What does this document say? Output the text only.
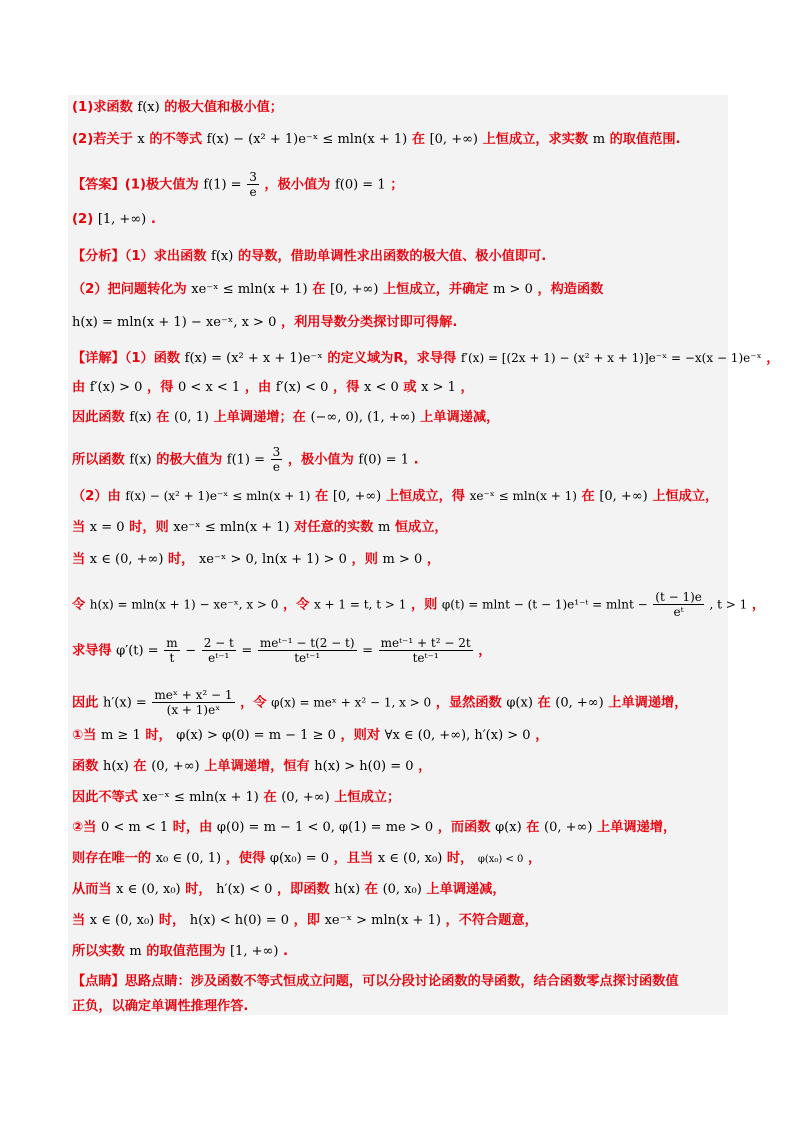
(1)求函数 f(x) 的极大值和极小值；
(2)若关于 x 的不等式 f(x) − (x² + 1)e⁻ˣ ≤ mln(x + 1) 在 [0, +∞) 上恒成立，求实数 m 的取值范围.
【答案】(1)极大值为 $f(1) = \frac{3}{e}$ ，极小值为 f(0) = 1 ；
(2) [1, +∞) .
【分析】（1）求出函数 f(x) 的导数，借助单调性求出函数的极大值、极小值即可.
（2）把问题转化为 xe⁻ˣ ≤ mln(x + 1) 在 [0, +∞) 上恒成立，并确定 m > 0 ，构造函数
h(x) = mln(x + 1) − xe⁻ˣ, x > 0 ，利用导数分类探讨即可得解.
【详解】（1）函数 f(x) = (x² + x + 1)e⁻ˣ 的定义域为R，求导得 f′(x) = [(2x + 1) − (x² + x + 1)]e⁻ˣ = −x(x − 1)e⁻ˣ ，
由 f′(x) > 0 ，得 0 < x < 1 ，由 f′(x) < 0 ，得 x < 0 或 x > 1 ，
因此函数 f(x) 在 (0, 1) 上单调递增；在 (−∞, 0), (1, +∞) 上单调递减，
所以函数 f(x) 的极大值为 $f(1) = \frac{3}{e}$ ，极小值为 f(0) = 1 .
（2）由 f(x) − (x² + 1)e⁻ˣ ≤ mln(x + 1) 在 [0, +∞) 上恒成立，得 xe⁻ˣ ≤ mln(x + 1) 在 [0, +∞) 上恒成立，
当 x = 0 时，则 xe⁻ˣ ≤ mln(x + 1) 对任意的实数 m 恒成立，
当 x ∈ (0, +∞) 时， xe⁻ˣ > 0, ln(x + 1) > 0 ，则 m > 0 ，
令 h(x) = mln(x + 1) − xe⁻ˣ, x > 0 ，令 x + 1 = t, t > 1 ，则 φ(t) = mlnt − (t − 1)e¹⁻ᵗ = $mlnt - \frac{(t - 1)e}{\text{eᵗ}}$ , t > 1 ，
求导得 $\varphi'(t) = \frac{m}{t} - \frac{2 - t}{\text{eᵗ⁻¹}} = \frac{\text{meᵗ⁻¹ − t(2 − t)}}{\text{teᵗ⁻¹}} = \frac{\text{meᵗ⁻¹ + t² − 2t}}{\text{teᵗ⁻¹}}$ ，
因此 $h'(x) = \frac{\text{meˣ + x² − 1}}{\text{(x + 1)eˣ}}$ ，令 φ(x) = meˣ + x² − 1, x > 0 ，显然函数 φ(x) 在 (0, +∞) 上单调递增，
①当 m ≥ 1 时， φ(x) > φ(0) = m − 1 ≥ 0 ，则对 ∀x ∈ (0, +∞), h′(x) > 0 ，
函数 h(x) 在 (0, +∞) 上单调递增，恒有 h(x) > h(0) = 0 ，
因此不等式 xe⁻ˣ ≤ mln(x + 1) 在 (0, +∞) 上恒成立；
②当 0 < m < 1 时，由 φ(0) = m − 1 < 0, φ(1) = me > 0 ，而函数 φ(x) 在 (0, +∞) 上单调递增，
则存在唯一的 x₀ ∈ (0, 1) ，使得 φ(x₀) = 0 ，且当 x ∈ (0, x₀) 时， φ(x₀) < 0 ，
从而当 x ∈ (0, x₀) 时， h′(x) < 0 ，即函数 h(x) 在 (0, x₀) 上单调递减，
当 x ∈ (0, x₀) 时， h(x) < h(0) = 0 ，即 xe⁻ˣ > mln(x + 1) ，不符合题意，
所以实数 m 的取值范围为 [1, +∞) .
【点睛】思路点睛：涉及函数不等式恒成立问题，可以分段讨论函数的导函数，结合函数零点探讨函数值
正负，以确定单调性推理作答.
